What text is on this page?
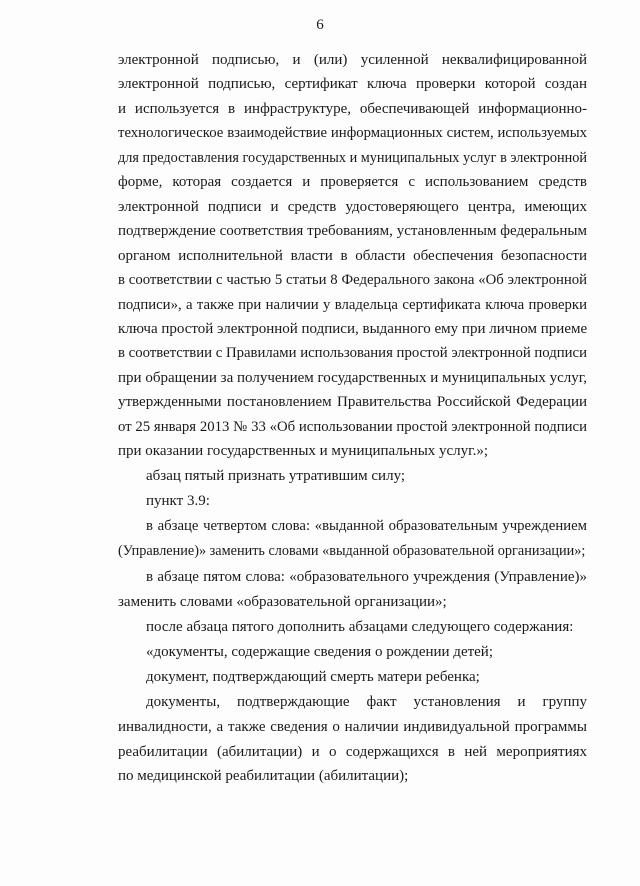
6
электронной подписью, и (или) усиленной неквалифицированной
электронной подписью, сертификат ключа проверки которой создан
и используется в инфраструктуре, обеспечивающей информационно-
технологическое взаимодействие информационных систем, используемых
для предоставления государственных и муниципальных услуг в электронной
форме, которая создается и проверяется с использованием средств
электронной подписи и средств удостоверяющего центра, имеющих
подтверждение соответствия требованиям, установленным федеральным
органом исполнительной власти в области обеспечения безопасности
в соответствии с частью 5 статьи 8 Федерального закона «Об электронной
подписи», а также при наличии у владельца сертификата ключа проверки
ключа простой электронной подписи, выданного ему при личном приеме
в соответствии с Правилами использования простой электронной подписи
при обращении за получением государственных и муниципальных услуг,
утвержденными постановлением Правительства Российской Федерации
от 25 января 2013 № 33 «Об использовании простой электронной подписи
при оказании государственных и муниципальных услуг.»;
абзац пятый признать утратившим силу;
пункт 3.9:
в абзаце четвертом слова: «выданной образовательным учреждением
(Управление)» заменить словами «выданной образовательной организации»;
в абзаце пятом слова: «образовательного учреждения (Управление)»
заменить словами «образовательной организации»;
после абзаца пятого дополнить абзацами следующего содержания:
«документы, содержащие сведения о рождении детей;
документ, подтверждающий смерть матери ребенка;
документы, подтверждающие факт установления и группу
инвалидности, а также сведения о наличии индивидуальной программы
реабилитации (абилитации) и о содержащихся в ней мероприятиях
по медицинской реабилитации (абилитации);
